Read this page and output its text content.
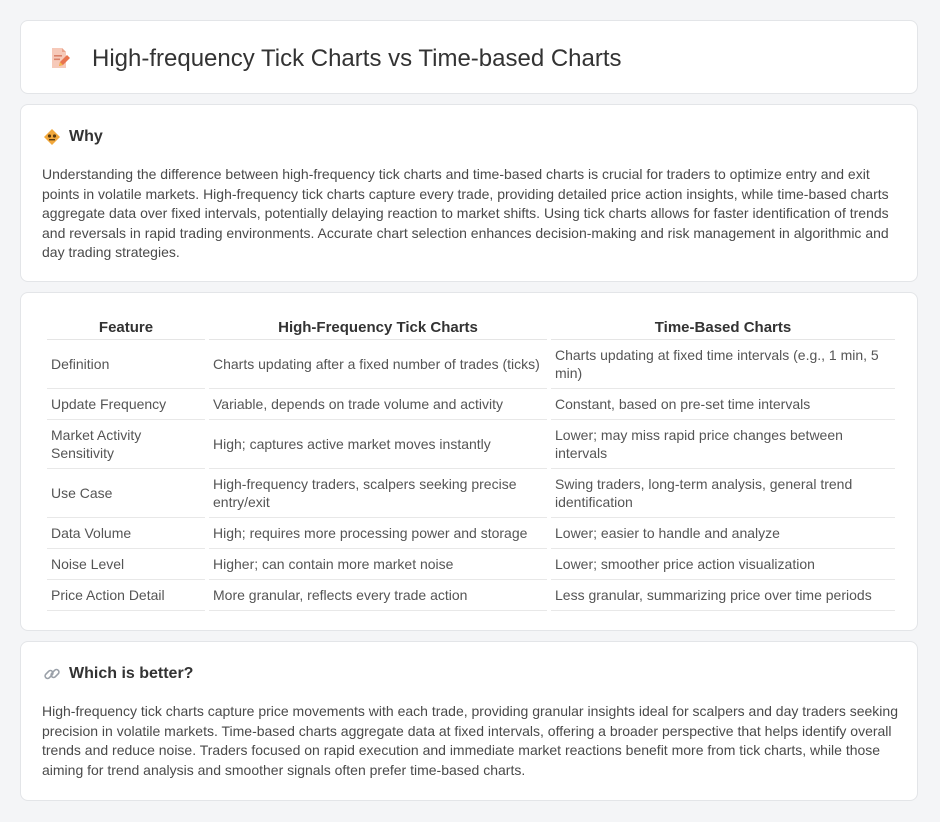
High-frequency Tick Charts vs Time-based Charts
Why

Understanding the difference between high-frequency tick charts and time-based charts is crucial for traders to optimize entry and exit points in volatile markets. High-frequency tick charts capture every trade, providing detailed price action insights, while time-based charts aggregate data over fixed intervals, potentially delaying reaction to market shifts. Using tick charts allows for faster identification of trends and reversals in rapid trading environments. Accurate chart selection enhances decision-making and risk management in algorithmic and day trading strategies.

Feature	High-Frequency Tick Charts	Time-Based Charts
Definition	Charts updating after a fixed number of trades (ticks)	Charts updating at fixed time intervals (e.g., 1 min, 5 min)
Update Frequency	Variable, depends on trade volume and activity	Constant, based on pre-set time intervals
Market Activity Sensitivity	High; captures active market moves instantly	Lower; may miss rapid price changes between intervals
Use Case	High-frequency traders, scalpers seeking precise entry/exit	Swing traders, long-term analysis, general trend identification
Data Volume	High; requires more processing power and storage	Lower; easier to handle and analyze
Noise Level	Higher; can contain more market noise	Lower; smoother price action visualization
Price Action Detail	More granular, reflects every trade action	Less granular, summarizing price over time periods
Which is better?

High-frequency tick charts capture price movements with each trade, providing granular insights ideal for scalpers and day traders seeking precision in volatile markets. Time-based charts aggregate data at fixed intervals, offering a broader perspective that helps identify overall trends and reduce noise. Traders focused on rapid execution and immediate market reactions benefit more from tick charts, while those aiming for trend analysis and smoother signals often prefer time-based charts.
